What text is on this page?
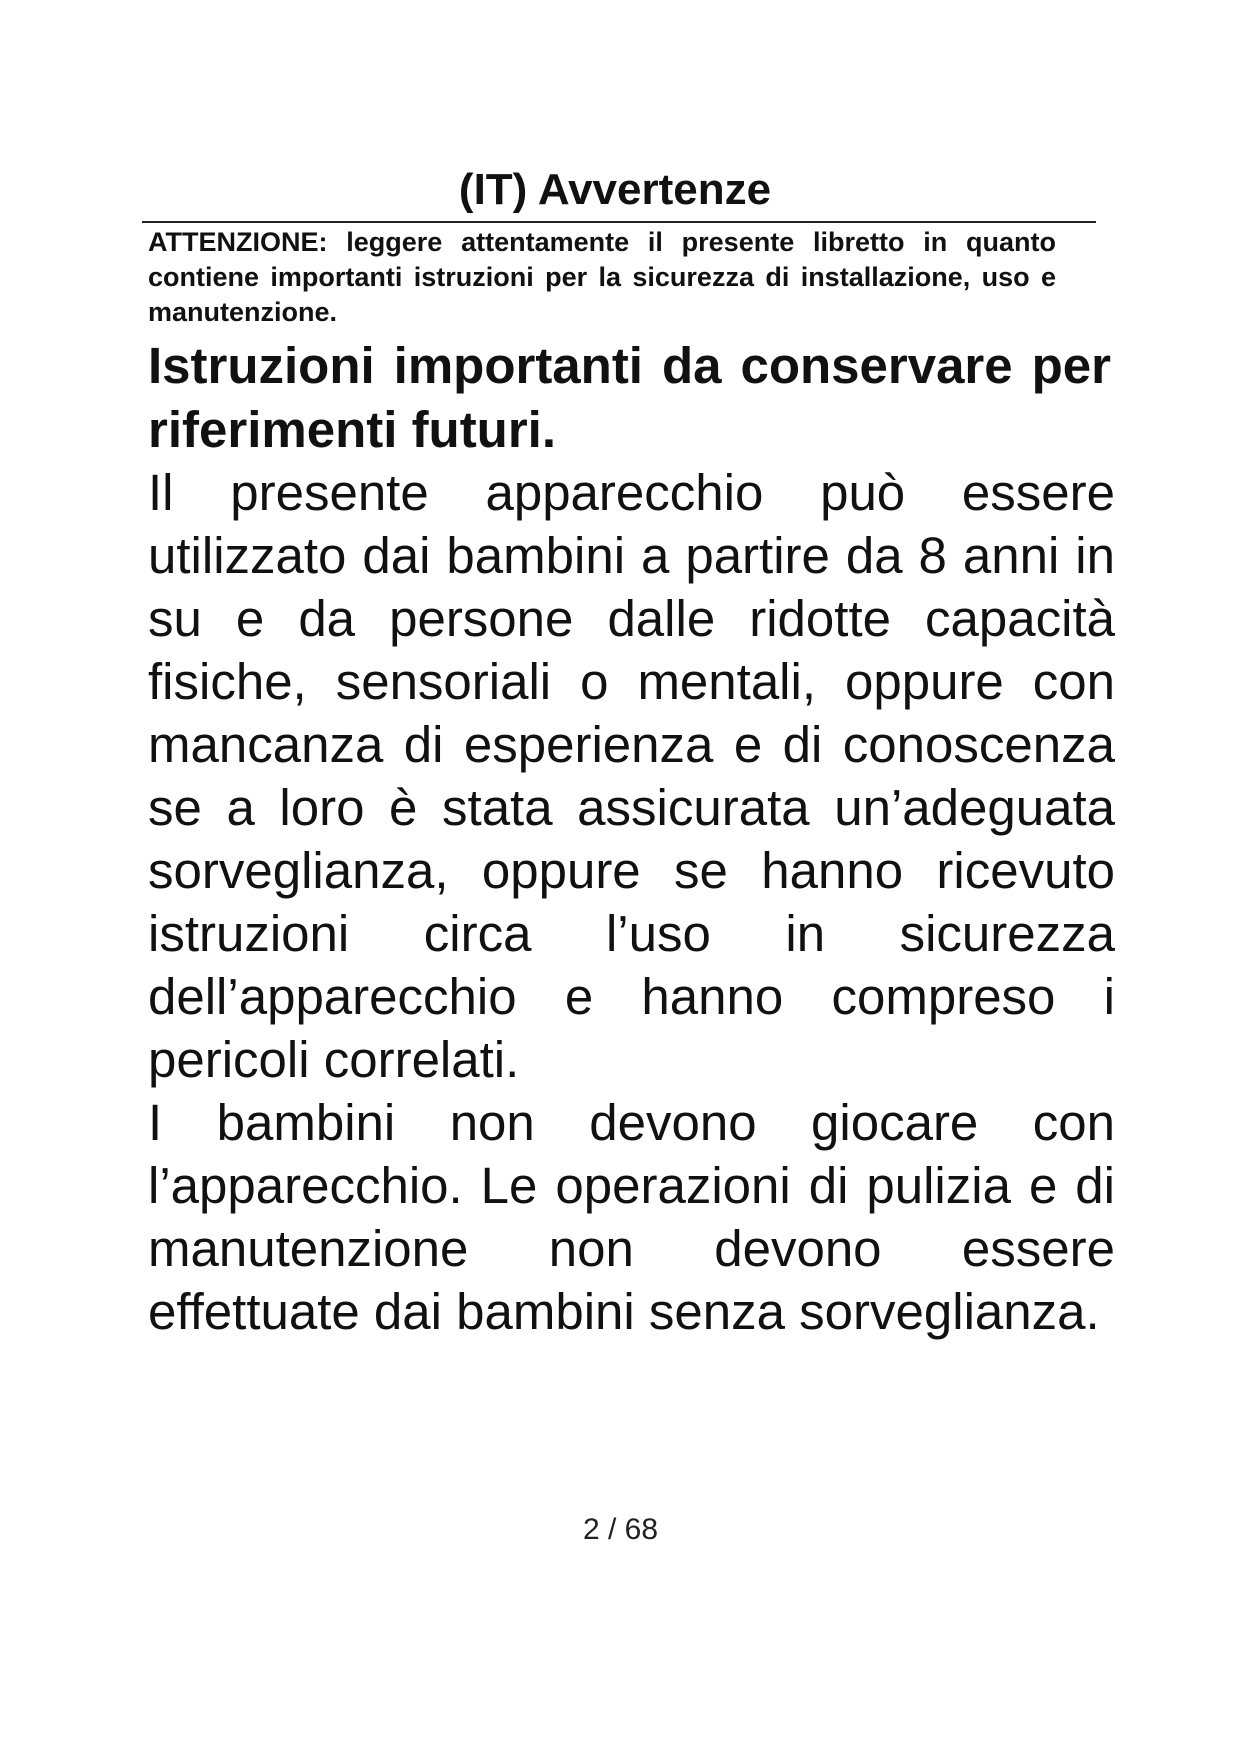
(IT) Avvertenze
ATTENZIONE: leggere attentamente il presente libretto in quanto contiene importanti istruzioni per la sicurezza di installazione, uso e manutenzione.
Istruzioni importanti da conservare per riferimenti futuri.

Il presente apparecchio può essere utilizzato dai bambini a partire da 8 anni in su e da persone dalle ridotte capacità fisiche, sensoriali o mentali, oppure con mancanza di esperienza e di conoscenza se a loro è stata assicurata un’adeguata sorveglianza, oppure se hanno ricevuto istruzioni circa l’uso in sicurezza dell’apparecchio e hanno compreso i pericoli correlati.

I bambini non devono giocare con l’apparecchio. Le operazioni di pulizia e di manutenzione non devono essere effettuate dai bambini senza sorveglianza.

2 / 68
